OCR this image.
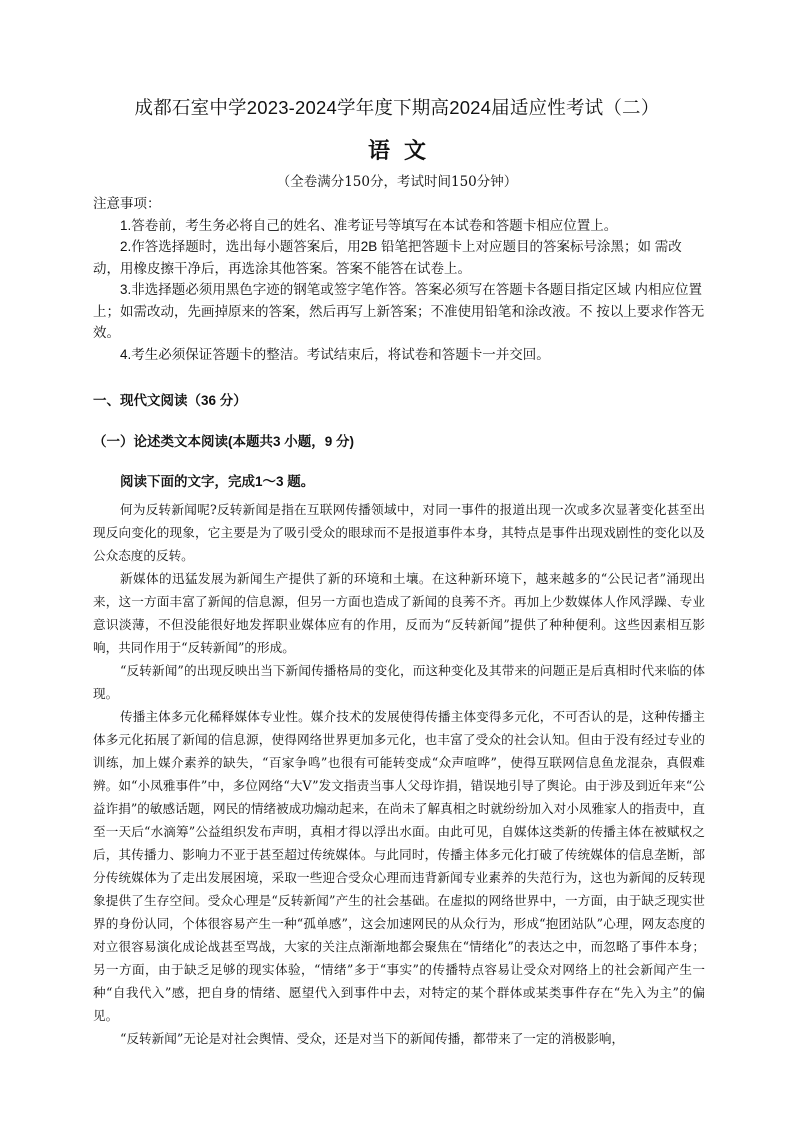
成都石室中学2023-2024学年度下期高2024届适应性考试（二）
语文
（全卷满分150分，考试时间150分钟）

注意事项：

1.答卷前，考生务必将自己的姓名、准考证号等填写在本试卷和答题卡相应位置上。

2.作答选择题时，选出每小题答案后，用2B 铅笔把答题卡上对应题目的答案标号涂黑；如 需改动，用橡皮擦干净后，再选涂其他答案。答案不能答在试卷上。

3.非选择题必须用黑色字迹的钢笔或签字笔作答。答案必须写在答题卡各题目指定区域 内相应位置上；如需改动，先画掉原来的答案，然后再写上新答案；不准使用铅笔和涂改液。不 按以上要求作答无效。

4.考生必须保证答题卡的整洁。考试结束后，将试卷和答题卡一并交回。

一、现代文阅读（36 分）
（一）论述类文本阅读(本题共3 小题，9 分)
阅读下面的文字，完成1～3 题。

何为反转新闻呢?反转新闻是指在互联网传播领域中，对同一事件的报道出现一次或多次显著变化甚至出现反向变化的现象，它主要是为了吸引受众的眼球而不是报道事件本身，其特点是事件出现戏剧性的变化以及公众态度的反转。

新媒体的迅猛发展为新闻生产提供了新的环境和土壤。在这种新环境下，越来越多的“公民记者”涌现出来，这一方面丰富了新闻的信息源，但另一方面也造成了新闻的良莠不齐。再加上少数媒体人作风浮躁、专业意识淡薄，不但没能很好地发挥职业媒体应有的作用，反而为“反转新闻”提供了种种便利。这些因素相互影响，共同作用于“反转新闻”的形成。

“反转新闻”的出现反映出当下新闻传播格局的变化，而这种变化及其带来的问题正是后真相时代来临的体现。

传播主体多元化稀释媒体专业性。媒介技术的发展使得传播主体变得多元化，不可否认的是，这种传播主体多元化拓展了新闻的信息源，使得网络世界更加多元化，也丰富了受众的社会认知。但由于没有经过专业的训练，加上媒介素养的缺失，“百家争鸣”也很有可能转变成“众声喧哗”，使得互联网信息鱼龙混杂，真假难辨。如“小凤雅事件”中，多位网络“大V”发文指责当事人父母诈捐，错误地引导了舆论。由于涉及到近年来“公益诈捐”的敏感话题，网民的情绪被成功煽动起来，在尚未了解真相之时就纷纷加入对小凤雅家人的指责中，直至一天后“水滴筹”公益组织发布声明，真相才得以浮出水面。由此可见，自媒体这类新的传播主体在被赋权之后，其传播力、影响力不亚于甚至超过传统媒体。与此同时，传播主体多元化打破了传统媒体的信息垄断，部分传统媒体为了走出发展困境，采取一些迎合受众心理而违背新闻专业素养的失范行为，这也为新闻的反转现象提供了生存空间。受众心理是“反转新闻”产生的社会基础。在虚拟的网络世界中，一方面，由于缺乏现实世界的身份认同，个体很容易产生一种“孤单感”，这会加速网民的从众行为，形成“抱团站队”心理，网友态度的对立很容易演化成论战甚至骂战，大家的关注点渐渐地都会聚焦在“情绪化”的表达之中，而忽略了事件本身；另一方面，由于缺乏足够的现实体验，“情绪”多于“事实”的传播特点容易让受众对网络上的社会新闻产生一种“自我代入”感，把自身的情绪、愿望代入到事件中去，对特定的某个群体或某类事件存在“先入为主”的偏见。

“反转新闻”无论是对社会舆情、受众，还是对当下的新闻传播，都带来了一定的消极影响，
